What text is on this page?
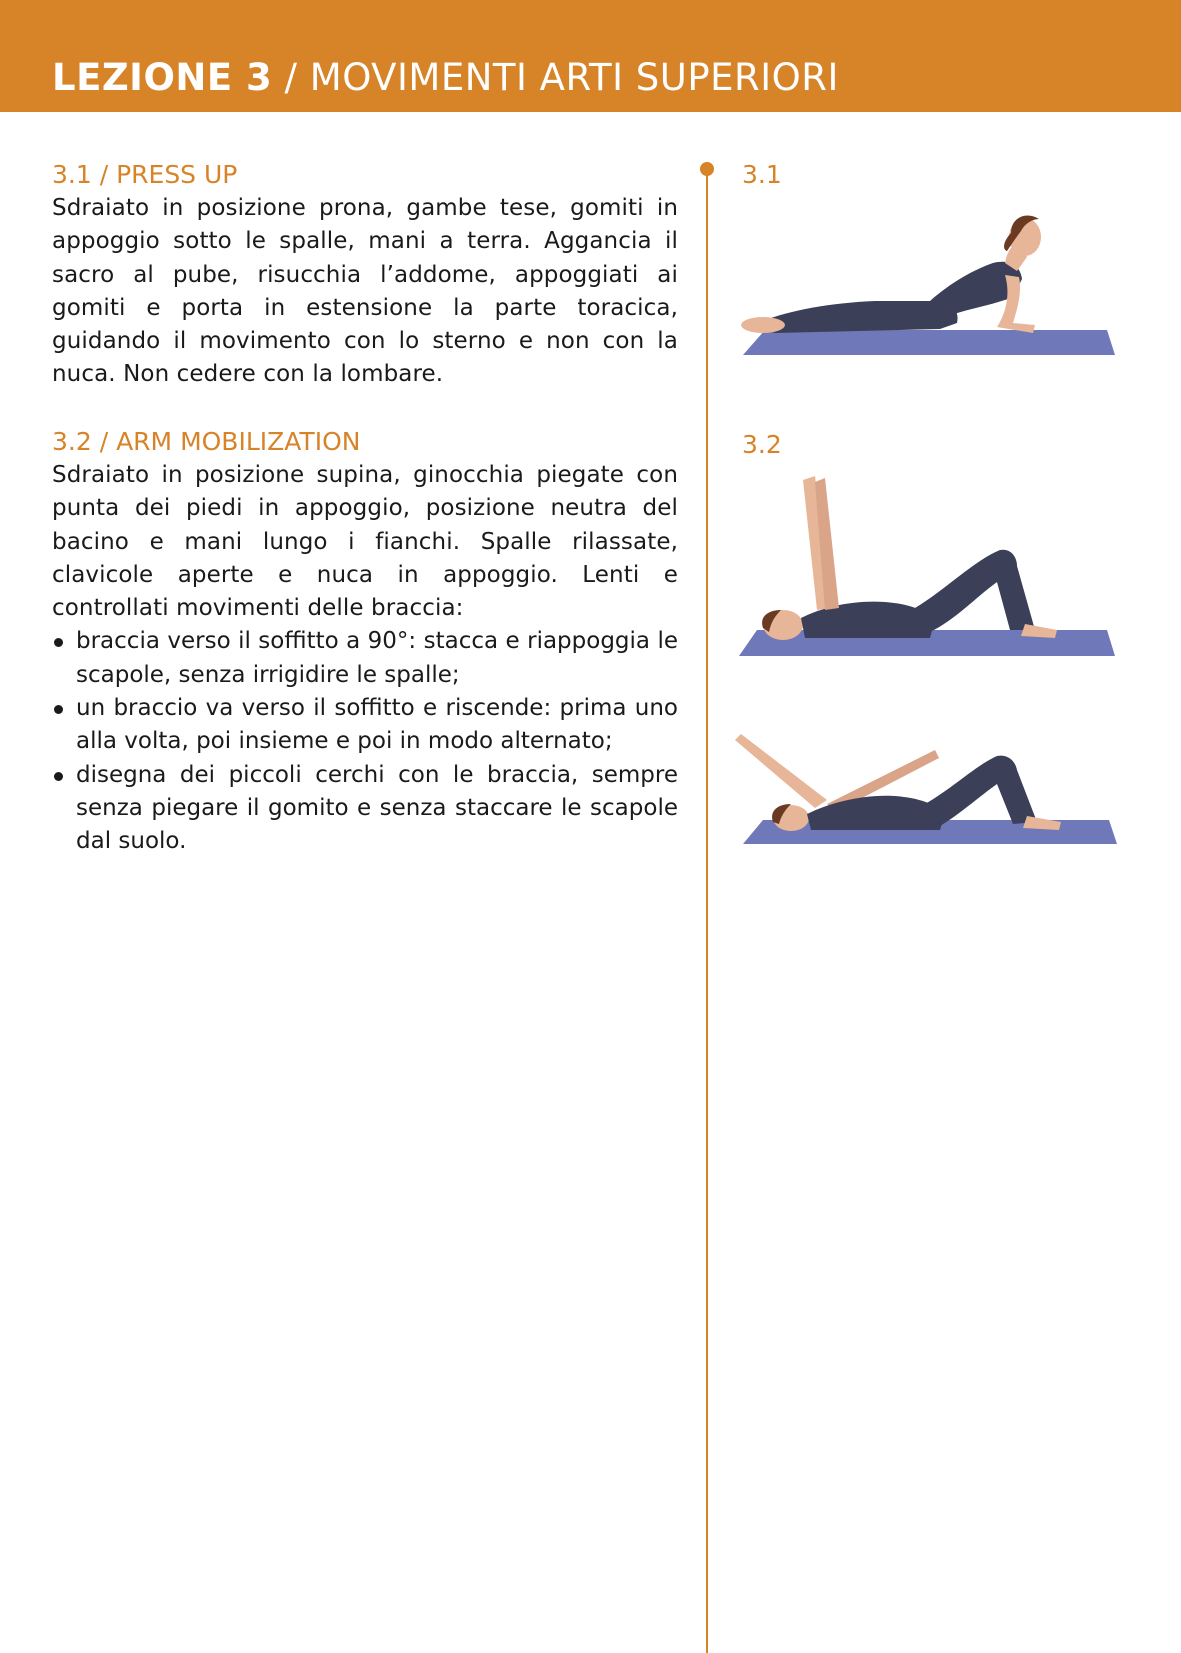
LEZIONE 3 / MOVIMENTI ARTI SUPERIORI
3.1 / PRESS UP

Sdraiato in posizione prona, gambe tese, gomiti in appoggio sotto le spalle, mani a terra. Aggancia il sacro al pube, risucchia l’addome, appoggiati ai gomiti e porta in estensione la parte toracica, guidando il movimento con lo sterno e non con la nuca. Non cedere con la lombare.

3.2 / ARM MOBILIZATION

Sdraiato in posizione supina, ginocchia piegate con punta dei piedi in appoggio, posizione neutra del bacino e mani lungo i fianchi. Spalle rilassate, clavicole aperte e nuca in appoggio. Lenti e controllati movimenti delle braccia:

braccia verso il soffitto a 90°: stacca e riappoggia le scapole, senza irrigidire le spalle;
un braccio va verso il soffitto e riscende: prima uno alla volta, poi insieme e poi in modo alternato;
disegna dei piccoli cerchi con le braccia, sempre senza piegare il gomito e senza staccare le scapole dal suolo.
3.1
3.2
